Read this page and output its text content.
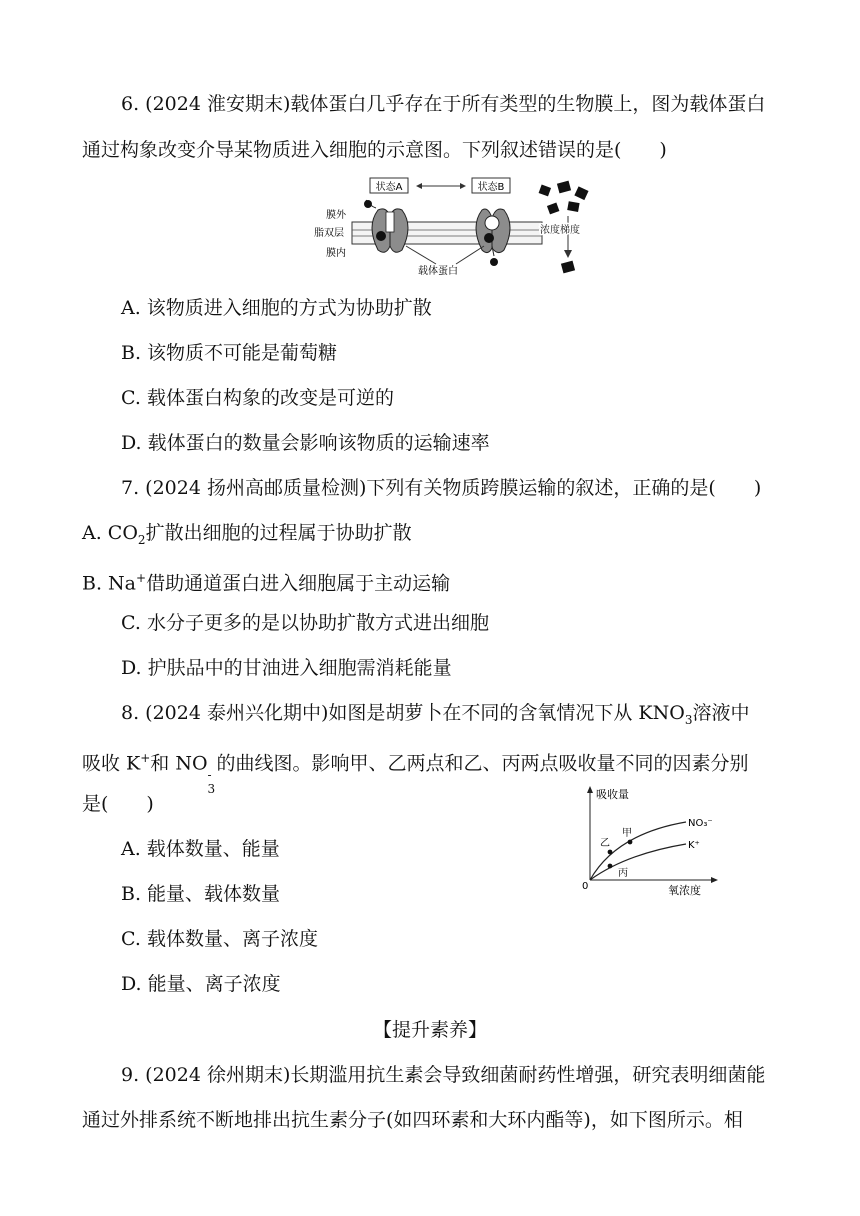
6. (2024 淮安期末)载体蛋白几乎存在于所有类型的生物膜上，图为载体蛋白
通过构象改变介导某物质进入细胞的示意图。下列叙述错误的是( )
状态A	状态B
膜外
脂双层
膜内
载体蛋白
浓度梯度
A. 该物质进入细胞的方式为协助扩散
B. 该物质不可能是葡萄糖
C. 载体蛋白构象的改变是可逆的
D. 载体蛋白的数量会影响该物质的运输速率
7. (2024 扬州高邮质量检测)下列有关物质跨膜运输的叙述，正确的是( )
A. $CO_2$扩散出细胞的过程属于协助扩散
B. Na+借助通道蛋白进入细胞属于主动运输
C. 水分子更多的是以协助扩散方式进出细胞
D. 护肤品中的甘油进入细胞需消耗能量
8. (2024 泰州兴化期中)如图是胡萝卜在不同的含氧情况下从 $KNO_3$溶液中
吸收 K+和 NO
-
3
的曲线图。影响甲、乙两点和乙、丙两点吸收量不同的因素分别
是( )	吸收量
氧浓度
0
NO₃⁻
K⁺
乙
甲
丙
A. 载体数量、能量
B. 能量、载体数量
C. 载体数量、离子浓度
D. 能量、离子浓度
【提升素养】
9. (2024 徐州期末)长期滥用抗生素会导致细菌耐药性增强，研究表明细菌能
通过外排系统不断地排出抗生素分子(如四环素和大环内酯等)，如下图所示。相
